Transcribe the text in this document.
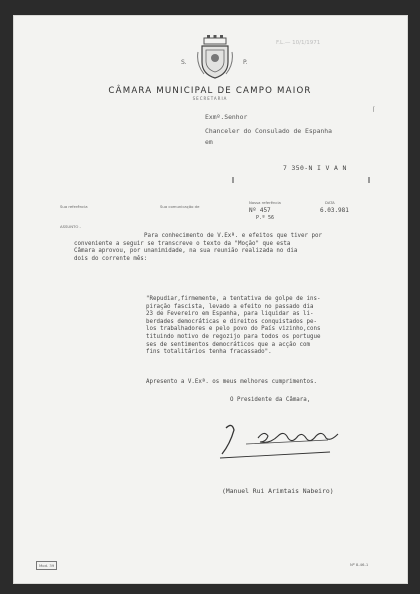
F.L.— 10/1/1971
S.	P.
CÂMARA MUNICIPAL DE CAMPO MAIOR
SECRETARIA
Exmº.Senhor
Chanceler do Consulado de Espanha
em
⌈
7 350-N I V A N
Sua referência	Sua comunicação de
Nossa referência
Nº 457
P.º 56
DATA
6.03.981
ASSUNTO -
Para conhecimento de V.Exª. e efeitos que tiver por
conveniente a seguir se transcreve o texto da "Moção" que esta
Câmara aprovou, por unanimidade, na sua reunião realizada no dia
dois do corrente mês:
"Repudiar,firmemente, a tentativa de golpe de ins-
piração fascista, levado a efeito no passado dia
23 de Fevereiro em Espanha, para liquidar as li-
berdades democráticas e direitos conquistados pe-
los trabalhadores e pelo povo do País vizinho,cons
tituindo motivo de regozijo para todos os portugue
ses de sentimentos democráticos que a acção com
fins totalitários tenha fracassado".
Apresento a V.Exª. os meus melhores cumprimentos.
O Presidente da Câmara,
(Manuel Rui Arimtais Nabeiro)
Mod. 39	Nº 8-46-1
